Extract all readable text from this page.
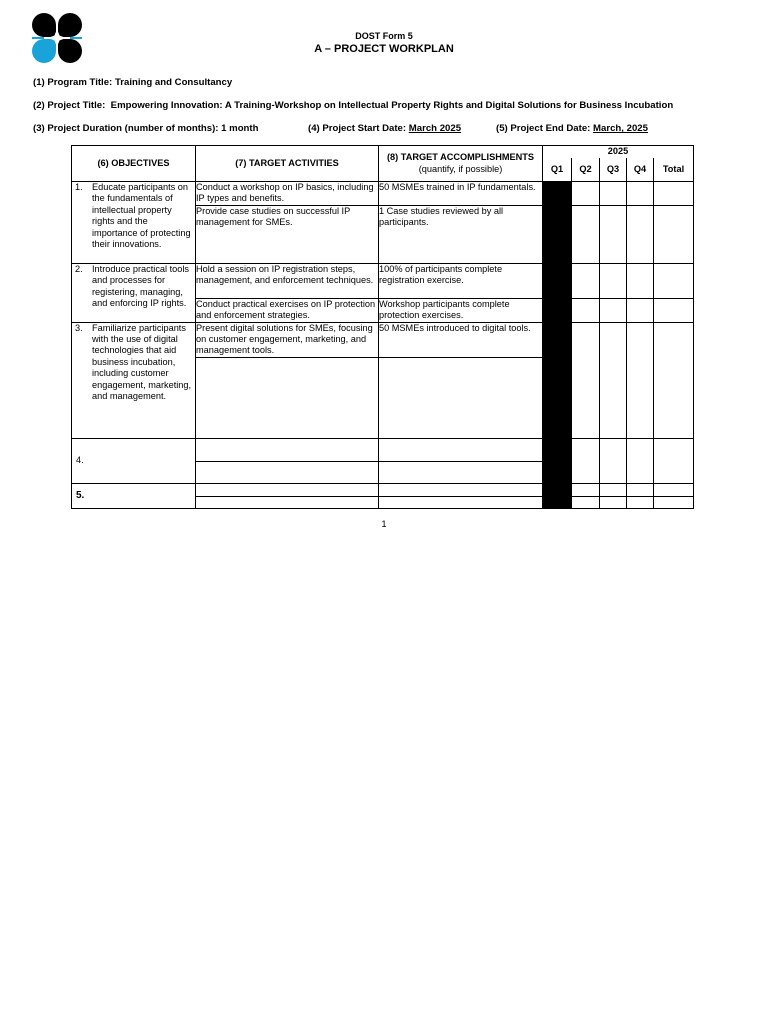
DOST Form 5
A – PROJECT WORKPLAN
(1) Program Title: Training and Consultancy
(2) Project Title: Empowering Innovation: A Training-Workshop on Intellectual Property Rights and Digital Solutions for Business Incubation
(3) Project Duration (number of months): 1 month	(4) Project Start Date: March 2025	(5) Project End Date: March, 2025
(6) OBJECTIVES	(7) TARGET ACTIVITIES	(8) TARGET ACCOMPLISHMENTS
(quantify, if possible)	2025				
			Q1	Q2	Q3	Q4	Total

1. Educate participants on the fundamentals of intellectual property rights and the importance of protecting their innovations.	Conduct a workshop on IP basics, including IP types and benefits.	50 MSMEs trained in IP fundamentals.					
	Provide case studies on successful IP management for SMEs.	1 Case studies reviewed by all participants.					

2. Introduce practical tools and processes for registering, managing, and enforcing IP rights.	Hold a session on IP registration steps, management, and enforcement techniques.	100% of participants complete registration exercise.					
	Conduct practical exercises on IP protection and enforcement strategies.	Workshop participants complete protection exercises.					

3. Familiarize participants with the use of digital technologies that aid business incubation, including customer engagement, marketing, and management.	Present digital solutions for SMEs, focusing on customer engagement, marketing, and management tools.	50 MSMEs introduced to digital tools.					

4.							

5.							

1
